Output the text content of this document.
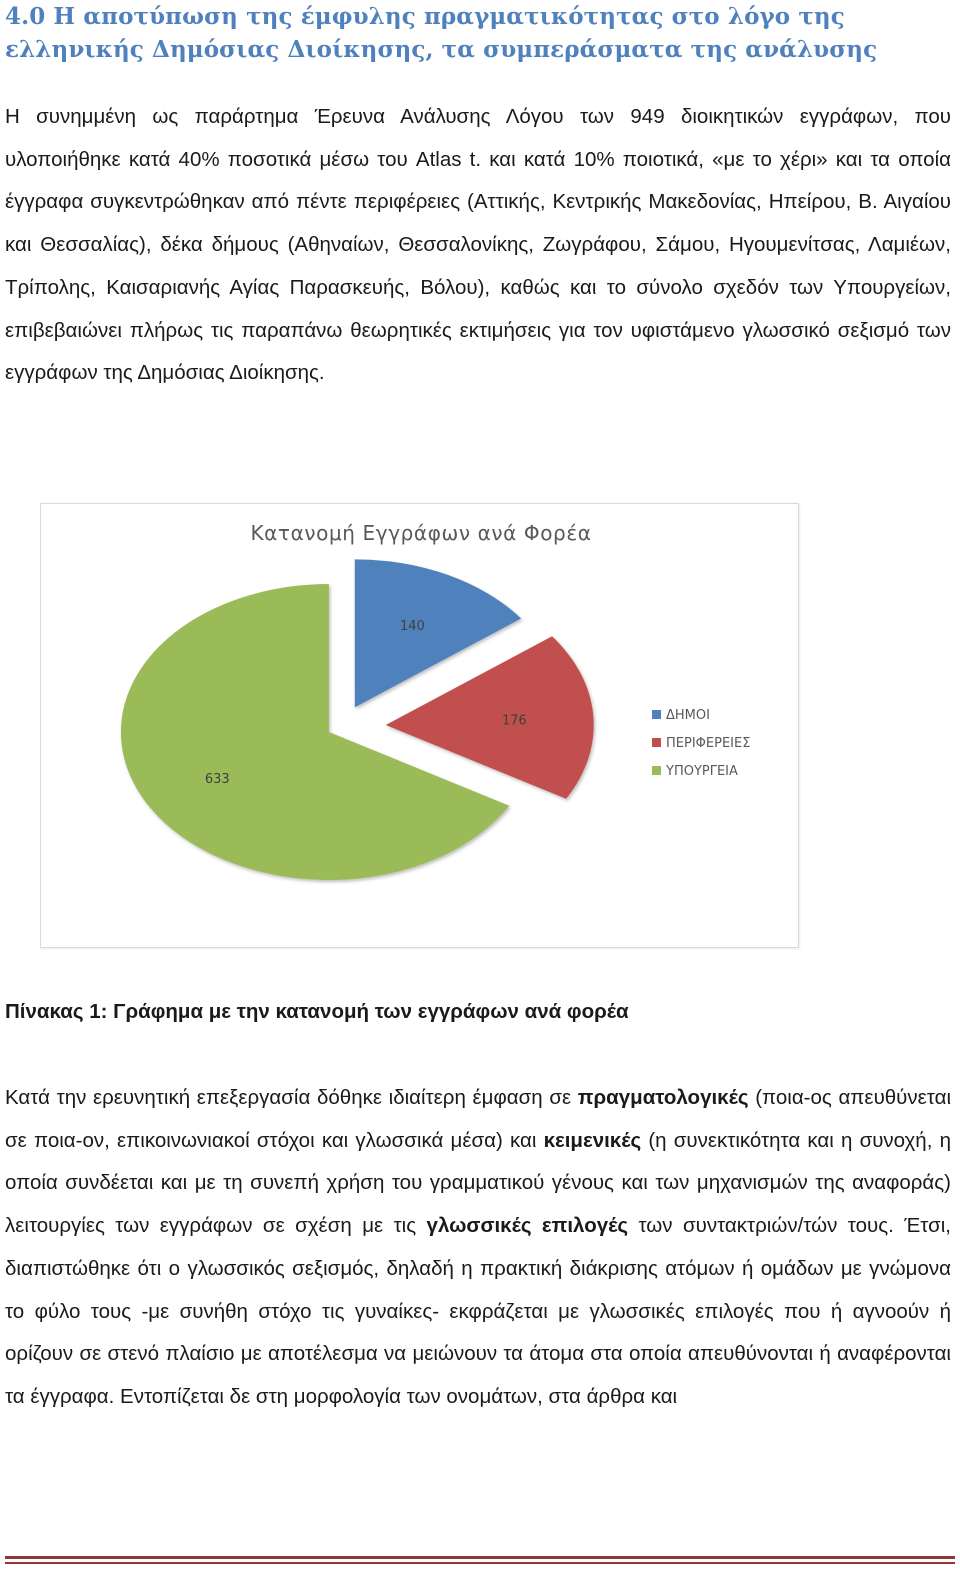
4.0 Η αποτύπωση της έμφυλης πραγματικότητας στο λόγο της ελληνικής Δημόσιας Διοίκησης, τα συμπεράσματα της ανάλυσης
Η συνημμένη ως παράρτημα Έρευνα Ανάλυσης Λόγου των 949 διοικητικών εγγράφων, που υλοποιήθηκε κατά 40% ποσοτικά μέσω του Atlas t. και κατά 10% ποιοτικά, «με το χέρι» και τα οποία έγγραφα συγκεντρώθηκαν από πέντε περιφέρειες (Αττικής, Κεντρικής Μακεδονίας, Ηπείρου, Β. Αιγαίου και Θεσσαλίας), δέκα δήμους (Αθηναίων, Θεσσαλονίκης, Ζωγράφου, Σάμου, Ηγουμενίτσας, Λαμιέων, Τρίπολης, Καισαριανής Αγίας Παρασκευής, Βόλου), καθώς και το σύνολο σχεδόν των Υπουργείων, επιβεβαιώνει πλήρως τις παραπάνω θεωρητικές εκτιμήσεις για τον υφιστάμενο γλωσσικό σεξισμό των εγγράφων της Δημόσιας Διοίκησης.
Κατανομή Εγγράφων ανά Φορέα
140
176
633
ΔΗΜΟΙ
ΠΕΡΙΦΕΡΕΙΕΣ
ΥΠΟΥΡΓΕΙΑ
Πίνακας 1: Γράφημα με την κατανομή των εγγράφων ανά φορέα
Κατά την ερευνητική επεξεργασία δόθηκε ιδιαίτερη έμφαση σε πραγματολογικές (ποια-ος απευθύνεται σε ποια-ον, επικοινωνιακοί στόχοι και γλωσσικά μέσα) και κειμενικές (η συνεκτικότητα και η συνοχή, η οποία συνδέεται και με τη συνεπή χρήση του γραμματικού γένους και των μηχανισμών της αναφοράς) λειτουργίες των εγγράφων σε σχέση με τις γλωσσικές επιλογές των συντακτριών/τών τους. Έτσι, διαπιστώθηκε ότι ο γλωσσικός σεξισμός, δηλαδή η πρακτική διάκρισης ατόμων ή ομάδων με γνώμονα το φύλο τους -με συνήθη στόχο τις γυναίκες- εκφράζεται με γλωσσικές επιλογές που ή αγνοούν ή ορίζουν σε στενό πλαίσιο με αποτέλεσμα να μειώνουν τα άτομα στα οποία απευθύνονται ή αναφέρονται τα έγγραφα. Εντοπίζεται δε στη μορφολογία των ονομάτων, στα άρθρα και
